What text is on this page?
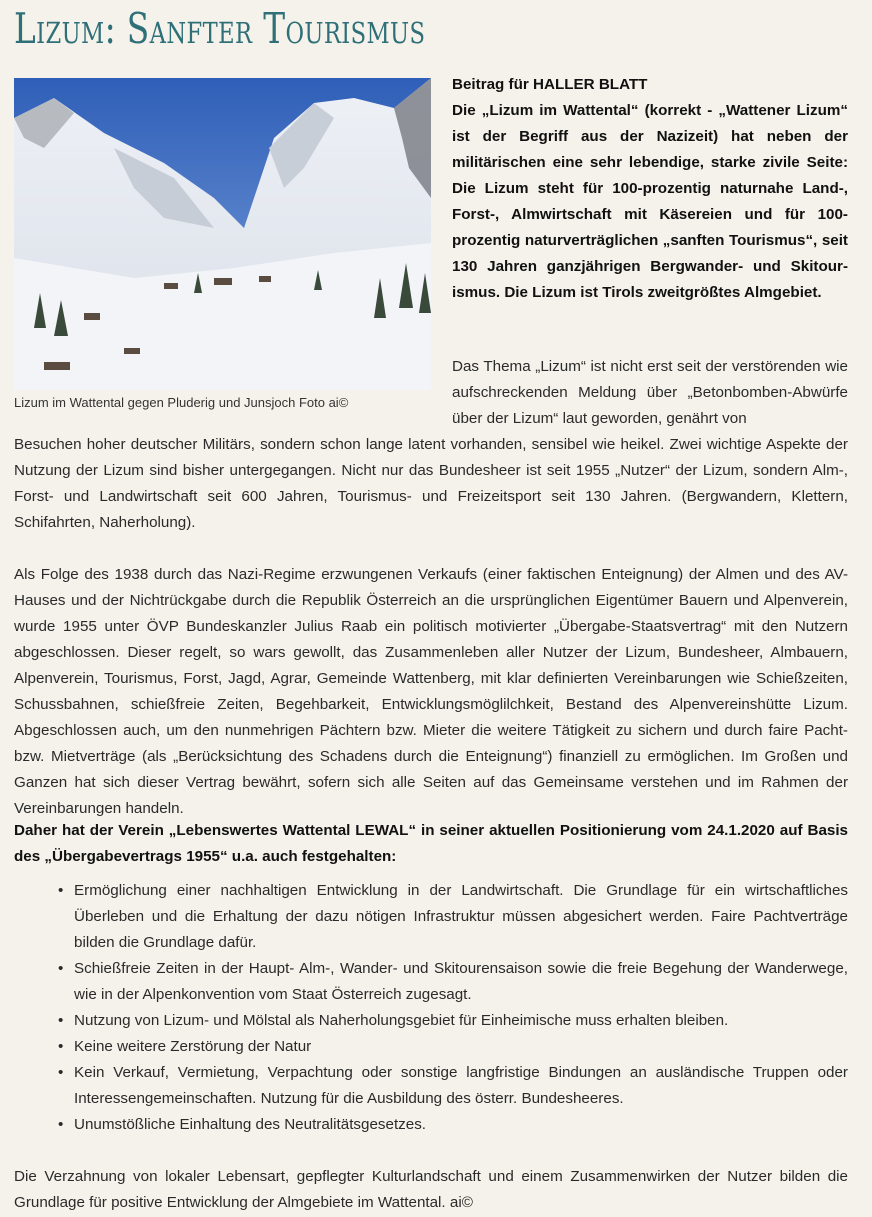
Lizum: Sanfter Tourismus
Lizum im Wattental gegen Pluderig und Junsjoch Foto ai©

Beitrag für HALLER BLATT

Die „Lizum im Wattental“ (korrekt - „Wattener Lizum“ ist der Begriff aus der Nazizeit) hat neben der militärischen eine sehr lebendige, starke zivile Seite: Die Lizum steht für 100-prozentig naturnahe Land-, Forst-, Almwirtschaft mit Käsereien und für 100-prozentig naturverträglichen „sanften Tourismus“, seit 130 Jahren ganzjährigen Bergwander- und Skitour-ismus. Die Lizum ist Tirols zweitgrößtes Almgebiet.

Das Thema „Lizum“ ist nicht erst seit der verstörenden wie aufschreckenden Meldung über „Betonbomben-Abwürfe über der Lizum“ laut geworden, genährt von

Besuchen hoher deutscher Militärs, sondern schon lange latent vorhanden, sensibel wie heikel. Zwei wichtige Aspekte der Nutzung der Lizum sind bisher untergegangen. Nicht nur das Bundesheer ist seit 1955 „Nutzer“ der Lizum, sondern Alm-, Forst- und Landwirtschaft seit 600 Jahren, Tourismus- und Freizeitsport seit 130 Jahren. (Bergwandern, Klettern, Schifahrten, Naherholung).

Als Folge des 1938 durch das Nazi-Regime erzwungenen Verkaufs (einer faktischen Enteignung) der Almen und des AV-Hauses und der Nichtrückgabe durch die Republik Österreich an die ursprünglichen Eigentümer Bauern und Alpenverein, wurde 1955 unter ÖVP Bundeskanzler Julius Raab ein politisch motivierter „Übergabe-Staatsvertrag“ mit den Nutzern abgeschlossen. Dieser regelt, so wars gewollt, das Zusammenleben aller Nutzer der Lizum, Bundesheer, Almbauern, Alpenverein, Tourismus, Forst, Jagd, Agrar, Gemeinde Wattenberg, mit klar definierten Vereinbarungen wie Schießzeiten, Schussbahnen, schießfreie Zeiten, Begehbarkeit, Entwicklungsmöglilchkeit, Bestand des Alpenvereinshütte Lizum. Abgeschlossen auch, um den nunmehrigen Pächtern bzw. Mieter die weitere Tätigkeit zu sichern und durch faire Pacht- bzw. Mietverträge (als „Berücksichtung des Schadens durch die Enteignung“) finanziell zu ermöglichen. Im Großen und Ganzen hat sich dieser Vertrag bewährt, sofern sich alle Seiten auf das Gemeinsame verstehen und im Rahmen der Vereinbarungen handeln.

Daher hat der Verein „Lebenswertes Wattental LEWAL“ in seiner aktuellen Positionierung vom 24.1.2020 auf Basis des „Übergabevertrags 1955“ u.a. auch festgehalten:

• Ermöglichung einer nachhaltigen Entwicklung in der Landwirtschaft. Die Grundlage für ein wirtschaftliches Überleben und die Erhaltung der dazu nötigen Infrastruktur müssen abgesichert werden. Faire Pachtverträge bilden die Grundlage dafür.
• Schießfreie Zeiten in der Haupt- Alm-, Wander- und Skitourensaison sowie die freie Begehung der Wanderwege, wie in der Alpenkonvention vom Staat Österreich zugesagt.
• Nutzung von Lizum- und Mölstal als Naherholungsgebiet für Einheimische muss erhalten bleiben.
• Keine weitere Zerstörung der Natur
• Kein Verkauf, Vermietung, Verpachtung oder sonstige langfristige Bindungen an ausländische Truppen oder Interessengemeinschaften. Nutzung für die Ausbildung des österr. Bundesheeres.
• Unumstößliche Einhaltung des Neutralitätsgesetzes.

Die Verzahnung von lokaler Lebensart, gepflegter Kulturlandschaft und einem Zusammenwirken der Nutzer bilden die Grundlage für positive Entwicklung der Almgebiete im Wattental. ai©
